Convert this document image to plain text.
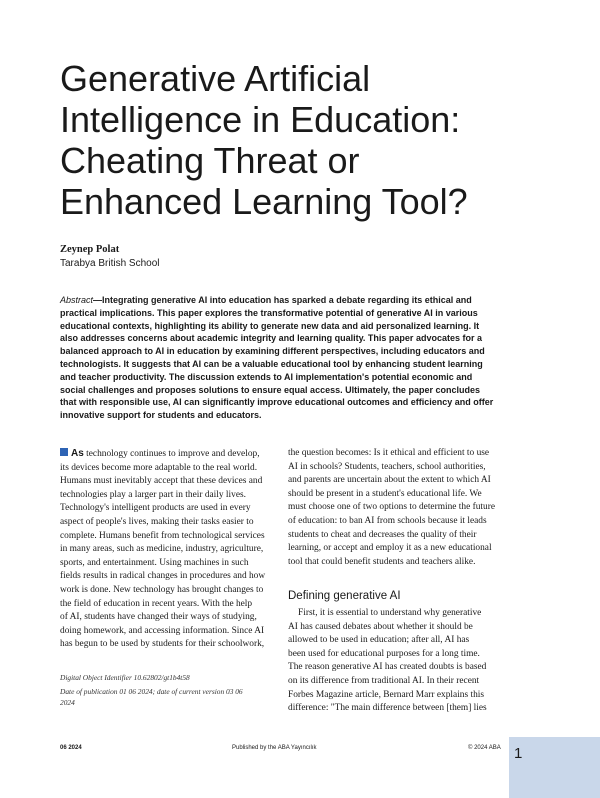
Generative Artificial
Intelligence in Education:
Cheating Threat or
Enhanced Learning Tool?
Zeynep Polat
Tarabya British School
Abstract—Integrating generative AI into education has sparked a debate regarding its ethical and
practical implications. This paper explores the transformative potential of generative AI in various
educational contexts, highlighting its ability to generate new data and aid personalized learning. It
also addresses concerns about academic integrity and learning quality. This paper advocates for a
balanced approach to AI in education by examining different perspectives, including educators and
technologists. It suggests that AI can be a valuable educational tool by enhancing student learning
and teacher productivity. The discussion extends to AI implementation's potential economic and
social challenges and proposes solutions to ensure equal access. Ultimately, the paper concludes
that with responsible use, AI can significantly improve educational outcomes and efficiency and offer
innovative support for students and educators.
As technology continues to improve and develop,
its devices become more adaptable to the real world.
Humans must inevitably accept that these devices and
technologies play a larger part in their daily lives.
Technology's intelligent products are used in every
aspect of people's lives, making their tasks easier to
complete. Humans benefit from technological services
in many areas, such as medicine, industry, agriculture,
sports, and entertainment. Using machines in such
fields results in radical changes in procedures and how
work is done. New technology has brought changes to
the field of education in recent years. With the help
of AI, students have changed their ways of studying,
doing homework, and accessing information. Since AI
has begun to be used by students for their schoolwork,
the question becomes: Is it ethical and efficient to use
AI in schools? Students, teachers, school authorities,
and parents are uncertain about the extent to which AI
should be present in a student's educational life. We
must choose one of two options to determine the future
of education: to ban AI from schools because it leads
students to cheat and decreases the quality of their
learning, or accept and employ it as a new educational
tool that could benefit students and teachers alike.
Defining generative AI
First, it is essential to understand why generative
AI has caused debates about whether it should be
allowed to be used in education; after all, AI has
been used for educational purposes for a long time.
The reason generative AI has created doubts is based
on its difference from traditional AI. In their recent
Forbes Magazine article, Bernard Marr explains this
difference: "The main difference between [them] lies
Digital Object Identifier 10.62802/gt1b4t58
Date of publication 01 06 2024; date of current version 03 06
2024
06 2024	Published by the ABA Yayıncılık	© 2024 ABA 1
